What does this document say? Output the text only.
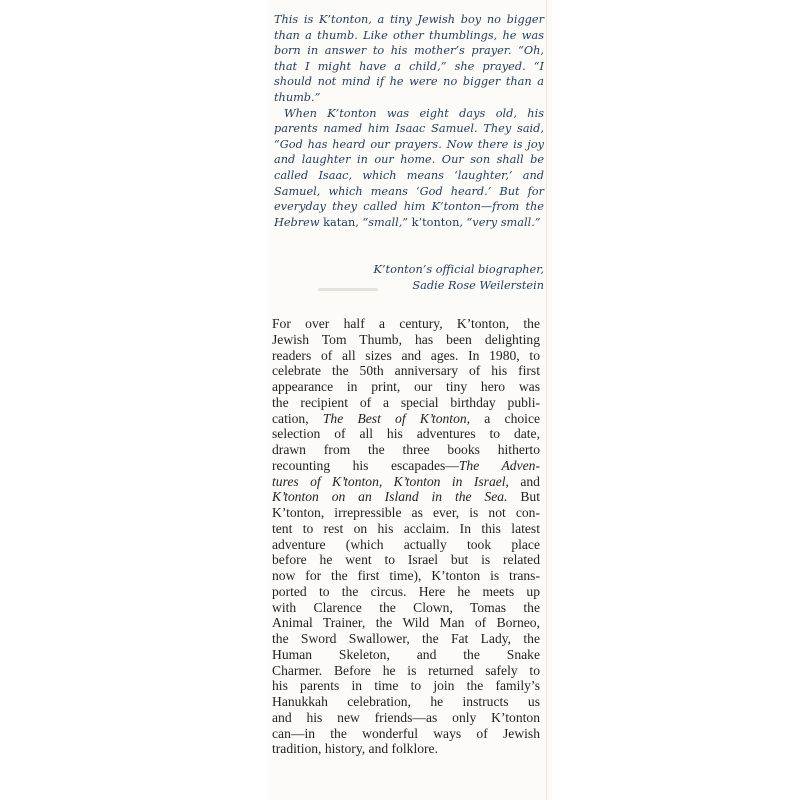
This is K’tonton, a tiny Jewish boy no bigger than a thumb. Like other thumblings, he was born in answer to his mother’s prayer. “Oh, that I might have a child,” she prayed. “I should not mind if he were no bigger than a thumb.”

When K’tonton was eight days old, his parents named him Isaac Samuel. They said, “God has heard our prayers. Now there is joy and laughter in our home. Our son shall be called Isaac, which means ‘laughter,’ and Samuel, which means ‘God heard.’ But for everyday they called him K’tonton—from the Hebrew katan, “small,” k’tonton, “very small.”

K’tonton’s official biographer,
Sadie Rose Weilerstein
For over half a century, K’tonton, the
Jewish Tom Thumb, has been delighting
readers of all sizes and ages. In 1980, to
celebrate the 50th anniversary of his first
appearance in print, our tiny hero was
the recipient of a special birthday publi-
cation, The Best of K’tonton, a choice
selection of all his adventures to date,
drawn from the three books hitherto
recounting his escapades—The Adven-
tures of K’tonton, K’tonton in Israel, and
K’tonton on an Island in the Sea. But
K’tonton, irrepressible as ever, is not con-
tent to rest on his acclaim. In this latest
adventure (which actually took place
before he went to Israel but is related
now for the first time), K’tonton is trans-
ported to the circus. Here he meets up
with Clarence the Clown, Tomas the
Animal Trainer, the Wild Man of Borneo,
the Sword Swallower, the Fat Lady, the
Human Skeleton, and the Snake
Charmer. Before he is returned safely to
his parents in time to join the family’s
Hanukkah celebration, he instructs us
and his new friends—as only K’tonton
can—in the wonderful ways of Jewish
tradition, history, and folklore.
